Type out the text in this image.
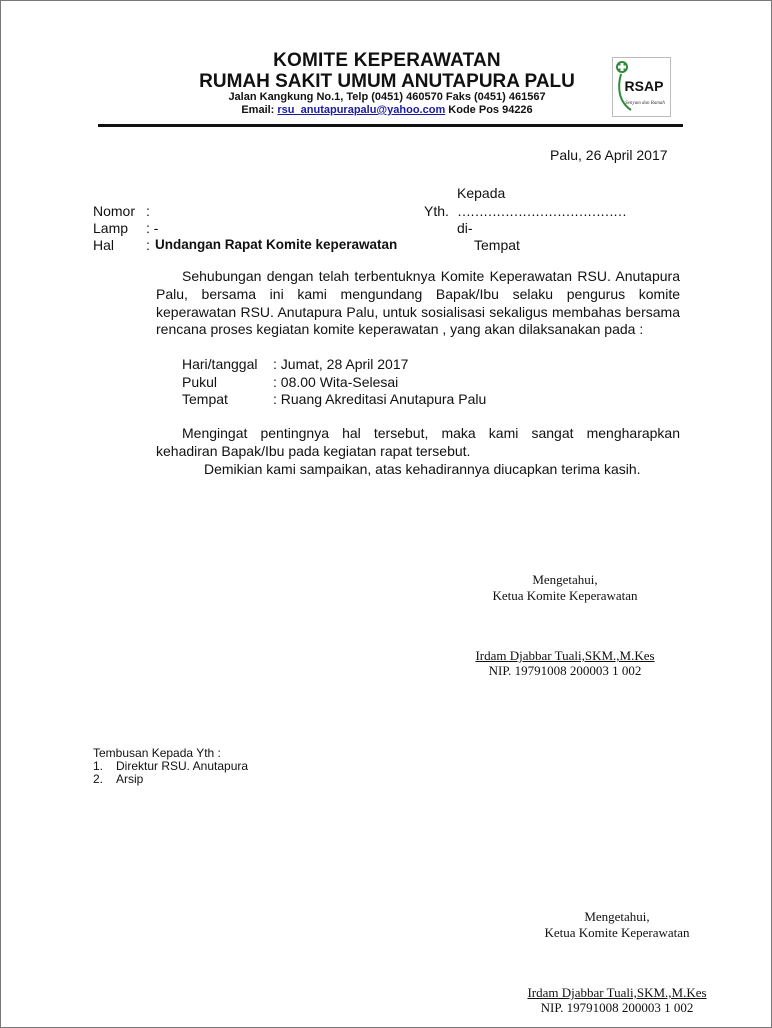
KOMITE KEPERAWATAN
RUMAH SAKIT UMUM ANUTAPURA PALU
Jalan Kangkung No.1, Telp (0451) 460570 Faks (0451) 461567
Email: rsu_anutapurapalu@yahoo.com Kode Pos 94226
RSAP
Senyum dan Ramah
Palu, 26 April 2017
Kepada
Yth. …………………………………
di-
Tempat
Nomor :
Lamp : -
Hal : Undangan Rapat Komite keperawatan
Sehubungan dengan telah terbentuknya Komite Keperawatan RSU. Anutapura Palu, bersama ini kami mengundang Bapak/Ibu selaku pengurus komite keperawatan RSU. Anutapura Palu, untuk sosialisasi sekaligus membahas bersama rencana proses kegiatan komite keperawatan , yang akan dilaksanakan pada :
Hari/tanggal : Jumat, 28 April 2017
Pukul	: 08.00 Wita-Selesai
Tempat	: Ruang Akreditasi Anutapura Palu
Mengingat pentingnya hal tersebut, maka kami sangat mengharapkan kehadiran Bapak/Ibu pada kegiatan rapat tersebut.
Demikian kami sampaikan, atas kehadirannya diucapkan terima kasih.
Mengetahui,
Ketua Komite Keperawatan
Irdam Djabbar Tuali,SKM.,M.Kes
NIP. 19791008 200003 1 002
Tembusan Kepada Yth :
1. Direktur RSU. Anutapura
2. Arsip
Mengetahui,
Ketua Komite Keperawatan
Irdam Djabbar Tuali,SKM.,M.Kes
NIP. 19791008 200003 1 002
